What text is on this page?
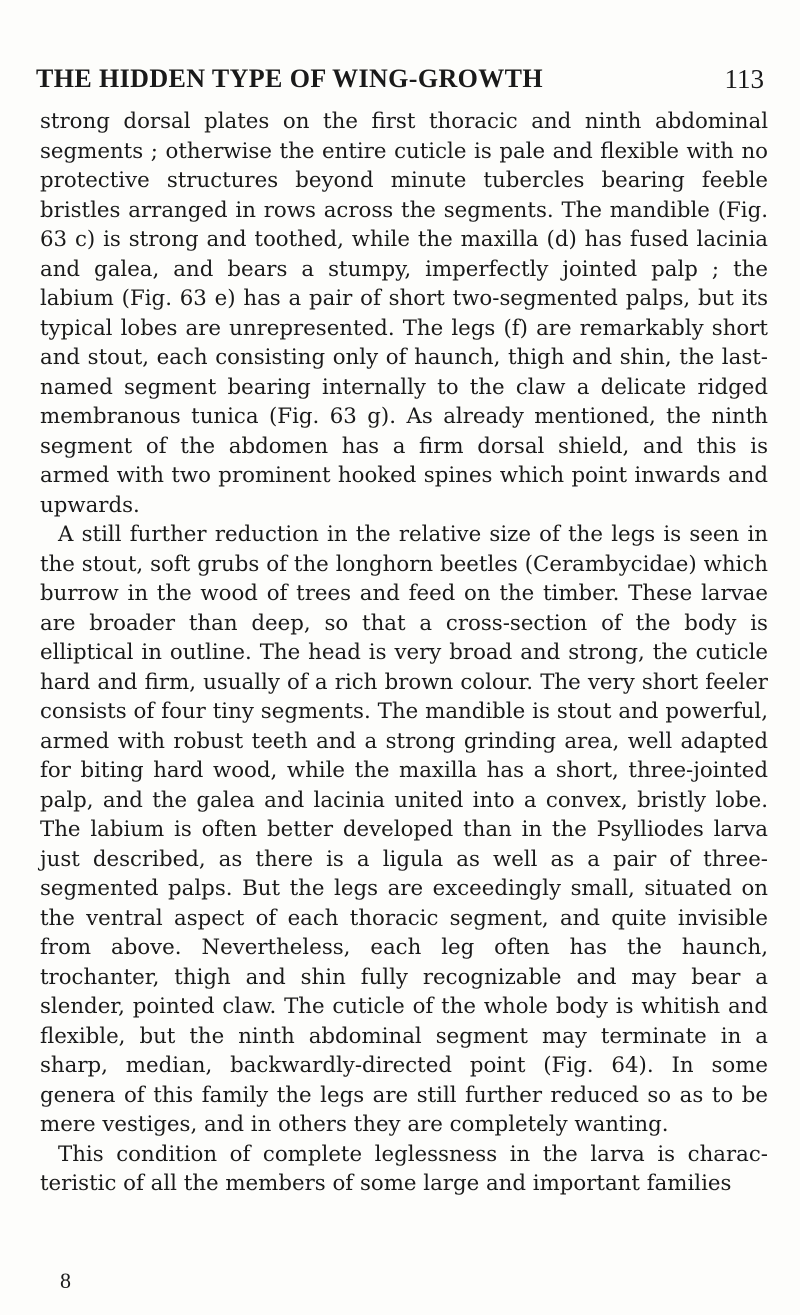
THE HIDDEN TYPE OF WING-GROWTH	113

strong dorsal plates on the first thoracic and ninth abdominal segments ; otherwise the entire cuticle is pale and flexible with no protective structures beyond minute tubercles bearing feeble bristles arranged in rows across the segments. The mandible (Fig. 63 c) is strong and toothed, while the maxilla (d) has fused lacinia and galea, and bears a stumpy, imperfectly jointed palp ; the labium (Fig. 63 e) has a pair of short two-segmented palps, but its typical lobes are unrepresented. The legs (f) are remarkably short and stout, each consisting only of haunch, thigh and shin, the last-named segment bearing internally to the claw a delicate ridged membranous tunica (Fig. 63 g). As already mentioned, the ninth segment of the abdomen has a firm dorsal shield, and this is armed with two prominent hooked spines which point inwards and upwards.

A still further reduction in the relative size of the legs is seen in the stout, soft grubs of the longhorn beetles (Cerambycidae) which burrow in the wood of trees and feed on the timber. These larvae are broader than deep, so that a cross-section of the body is elliptical in outline. The head is very broad and strong, the cuticle hard and firm, usually of a rich brown colour. The very short feeler consists of four tiny segments. The mandible is stout and powerful, armed with robust teeth and a strong grinding area, well adapted for biting hard wood, while the maxilla has a short, three-jointed palp, and the galea and lacinia united into a convex, bristly lobe. The labium is often better developed than in the Psylliodes larva just described, as there is a ligula as well as a pair of three-segmented palps. But the legs are exceedingly small, situated on the ventral aspect of each thoracic segment, and quite invisible from above. Nevertheless, each leg often has the haunch, trochanter, thigh and shin fully recognizable and may bear a slender, pointed claw. The cuticle of the whole body is whitish and flexible, but the ninth abdominal segment may terminate in a sharp, median, backwardly-directed point (Fig. 64). In some genera of this family the legs are still further reduced so as to be mere vestiges, and in others they are completely wanting.

This condition of complete leglessness in the larva is characteristic of all the members of some large and important families

8
